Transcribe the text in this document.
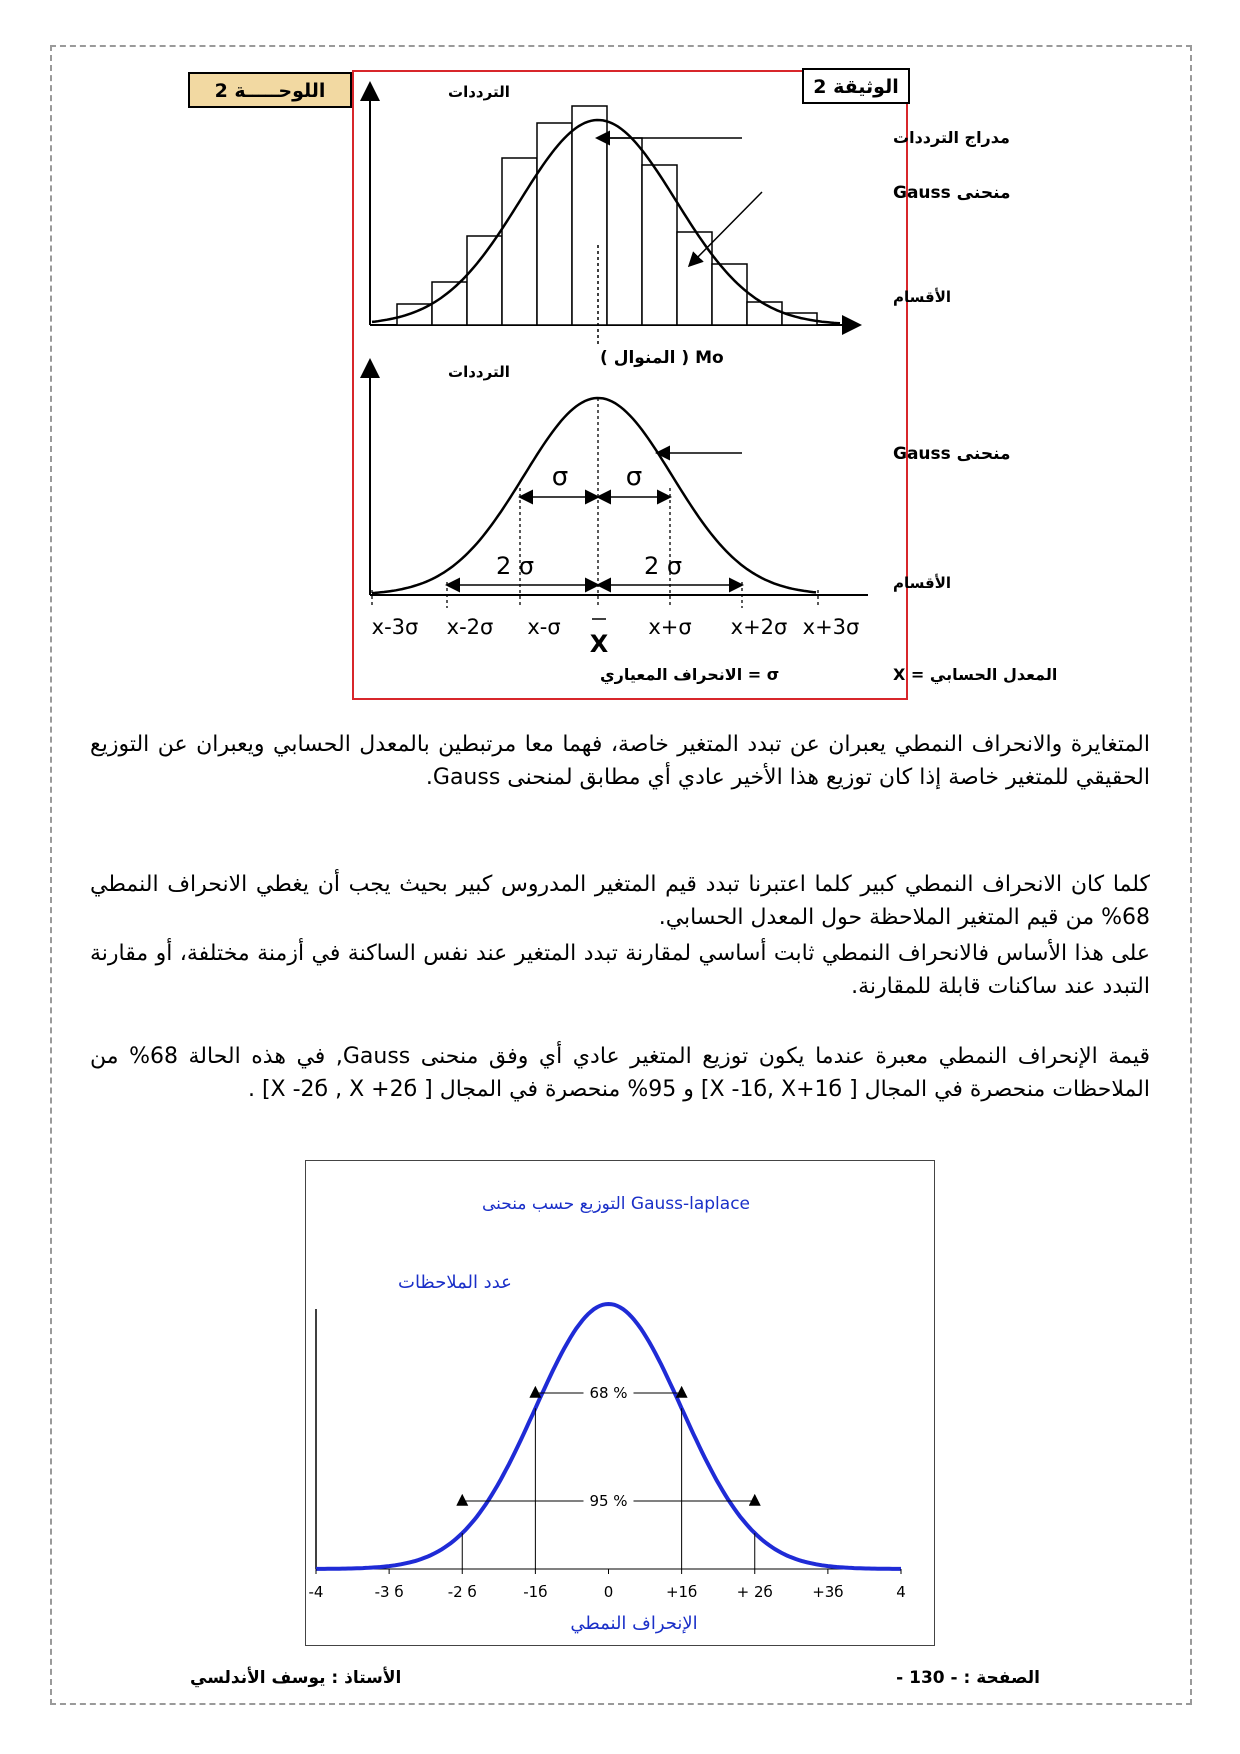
اللوحـــــة 2	الوثيقة 2
الترددات
الأقسام
مدراج الترددات
منحنى Gauss
Mo ( المنوال )
σ σ
2 σ	2 σ
الترددات
الأقسام
منحنى Gauss
x-3σ x-2σ x-σ	x+σ x+2σ x+3σ
X
المعدل الحسابي = X
σ = الانحراف المعياري

المتغايرة والانحراف النمطي يعبران عن تبدد المتغير خاصة، فهما معا مرتبطين بالمعدل الحسابي ويعبران عن التوزيع الحقيقي للمتغير خاصة إذا كان توزيع هذا الأخير عادي أي مطابق لمنحنى Gauss.

كلما كان الانحراف النمطي كبير كلما اعتبرنا تبدد قيم المتغير المدروس كبير بحيث يجب أن يغطي الانحراف النمطي 68% من قيم المتغير الملاحظة حول المعدل الحسابي.

على هذا الأساس فالانحراف النمطي ثابت أساسي لمقارنة تبدد المتغير عند نفس الساكنة في أزمنة مختلفة، أو مقارنة التبدد عند ساكنات قابلة للمقارنة.

قيمة الإنحراف النمطي معبرة عندما يكون توزيع المتغير عادي أي وفق منحنى Gauss, في هذه الحالة 68% من الملاحظات منحصرة في المجال [ X -1б, X+1б] و 95% منحصرة في المجال [ X -2б , X +2б] .

التوزيع حسب منحنى Gauss-laplace
عدد الملاحظات
68 %
95 %
-4	-3 б	-2 б	-1б	0	+1б	+ 2б	+3б	4
الإنحراف النمطي
الأستاذ : يوسف الأندلسي	الصفحة : - 130 -
